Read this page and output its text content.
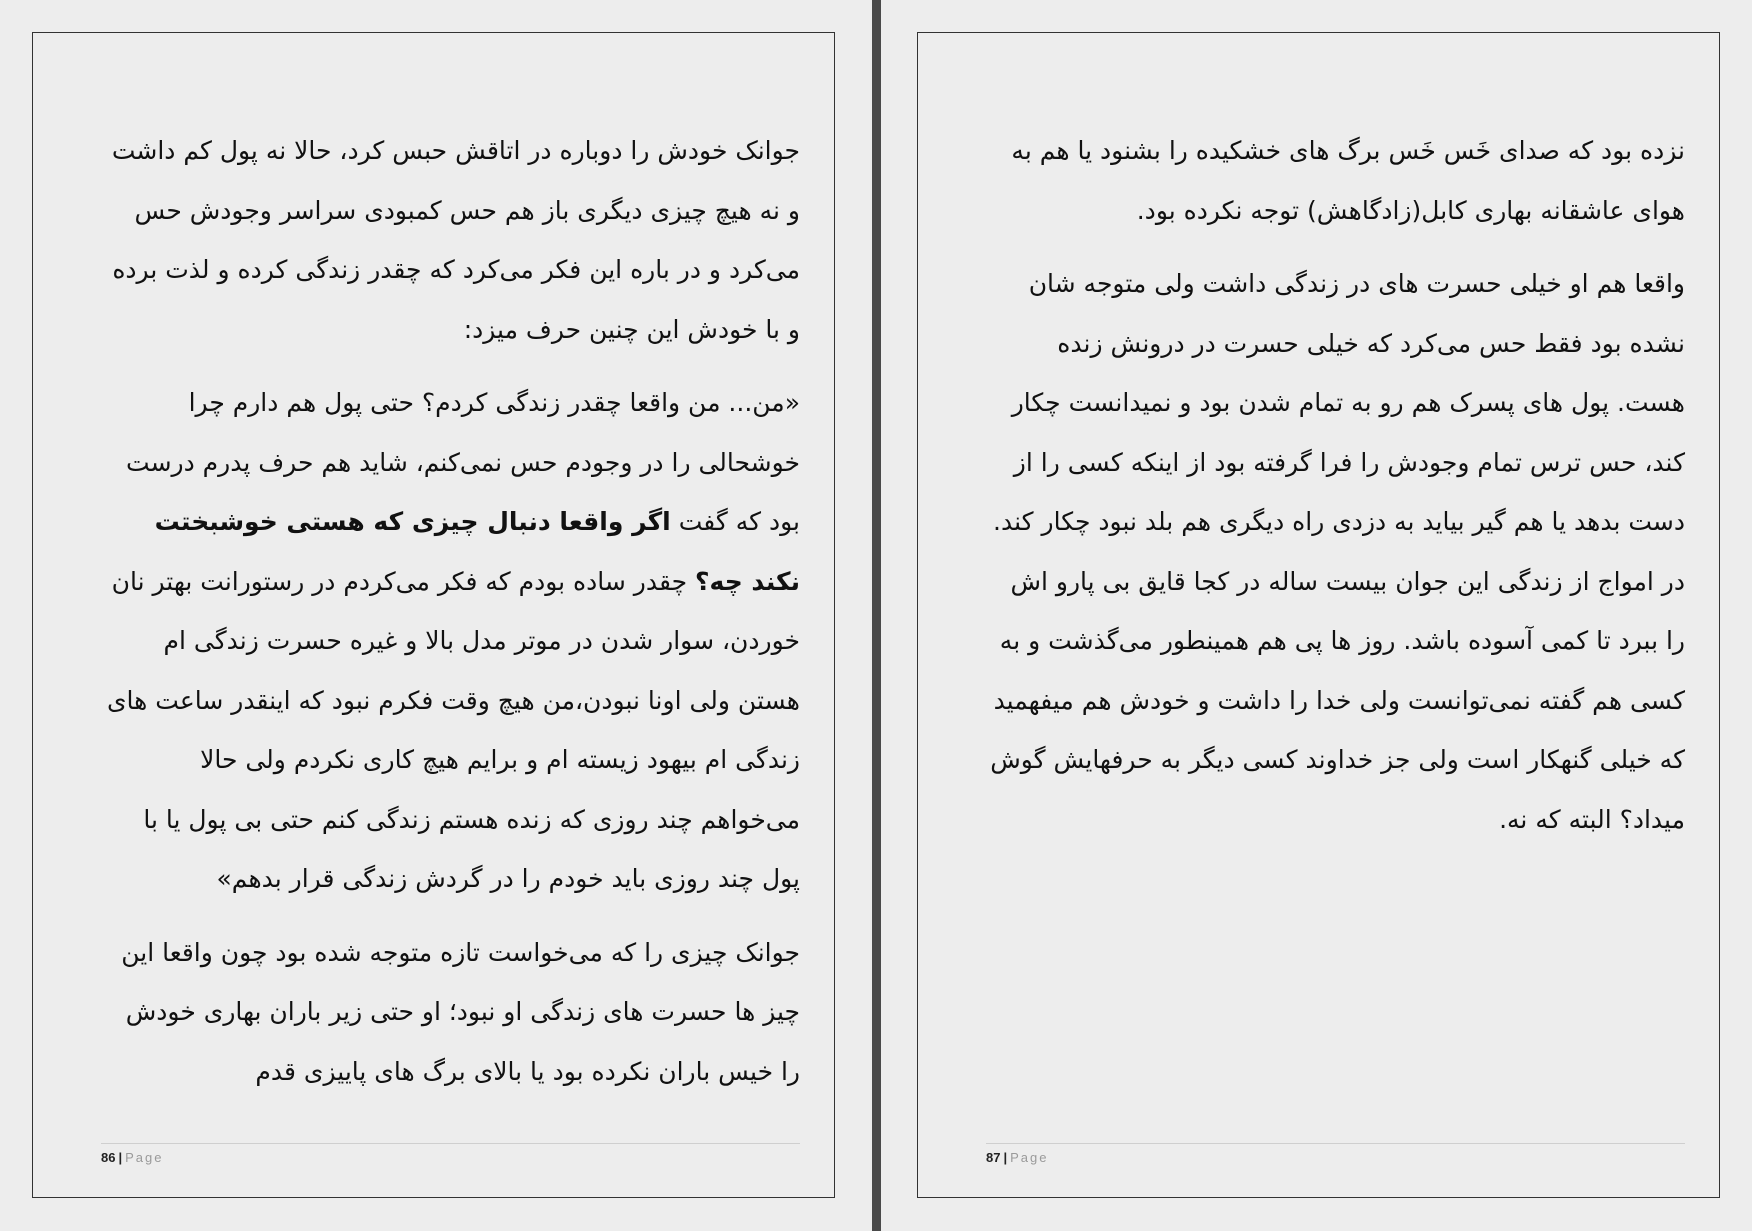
جوانک خودش را دوباره در اتاقش حبس کرد، حالا نه پول کم داشت و نه هیچ چیزی دیگری باز هم حس کمبودی سراسر وجودش حس می‌کرد و در باره این فکر می‌کرد که چقدر زندگی کرده و لذت برده و با خودش این چنین حرف میزد:

«من... من واقعا چقدر زندگی کردم؟ حتی پول هم دارم چرا خوشحالی را در وجودم حس نمی‌کنم، شاید هم حرف پدرم درست بود که گفت اگر واقعا دنبال چیزی که هستی خوشبختت نکند چه؟ چقدر ساده بودم که فکر می‌کردم در رستورانت بهتر نان خوردن، سوار شدن در موتر مدل بالا و غیره حسرت زندگی ام هستن ولی اونا نبودن،من هیچ وقت فکرم نبود که اینقدر ساعت های زندگی ام بیهود زیسته ام و برایم هیچ کاری نکردم ولی حالا می‌خواهم چند روزی که زنده هستم زندگی کنم حتی بی پول یا با پول چند روزی باید خودم را در گردش زندگی قرار بدهم»

جوانک چیزی را که می‌خواست تازه متوجه شده بود چون واقعا این چیز ها حسرت های زندگی او نبود؛ او حتی زیر باران بهاری خودش را خیس باران نکرده بود یا بالای برگ های پاییزی قدم

86 | Page

نزده بود که صدای خَس خَس برگ های خشکیده را بشنود یا هم به هوای عاشقانه بهاری کابل(زادگاهش) توجه نکرده بود.

واقعا هم او خیلی حسرت های در زندگی داشت ولی متوجه شان نشده بود فقط حس می‌کرد که خیلی حسرت در درونش زنده هست. پول های پسرک هم رو به تمام شدن بود و نمیدانست چکار کند، حس ترس تمام وجودش را فرا گرفته بود از اینکه کسی را از دست بدهد یا هم گیر بیاید به دزدی راه دیگری هم بلد نبود چکار کند. در امواج از زندگی این جوان بیست ساله در کجا قایق بی پارو اش را ببرد تا کمی آسوده باشد. روز ها پی هم همینطور می‌گذشت و به کسی هم گفته نمی‌توانست ولی خدا را داشت و خودش هم میفهمید که خیلی گنهکار است ولی جز خداوند کسی دیگر به حرفهایش گوش میداد؟ البته که نه.

87 | Page
